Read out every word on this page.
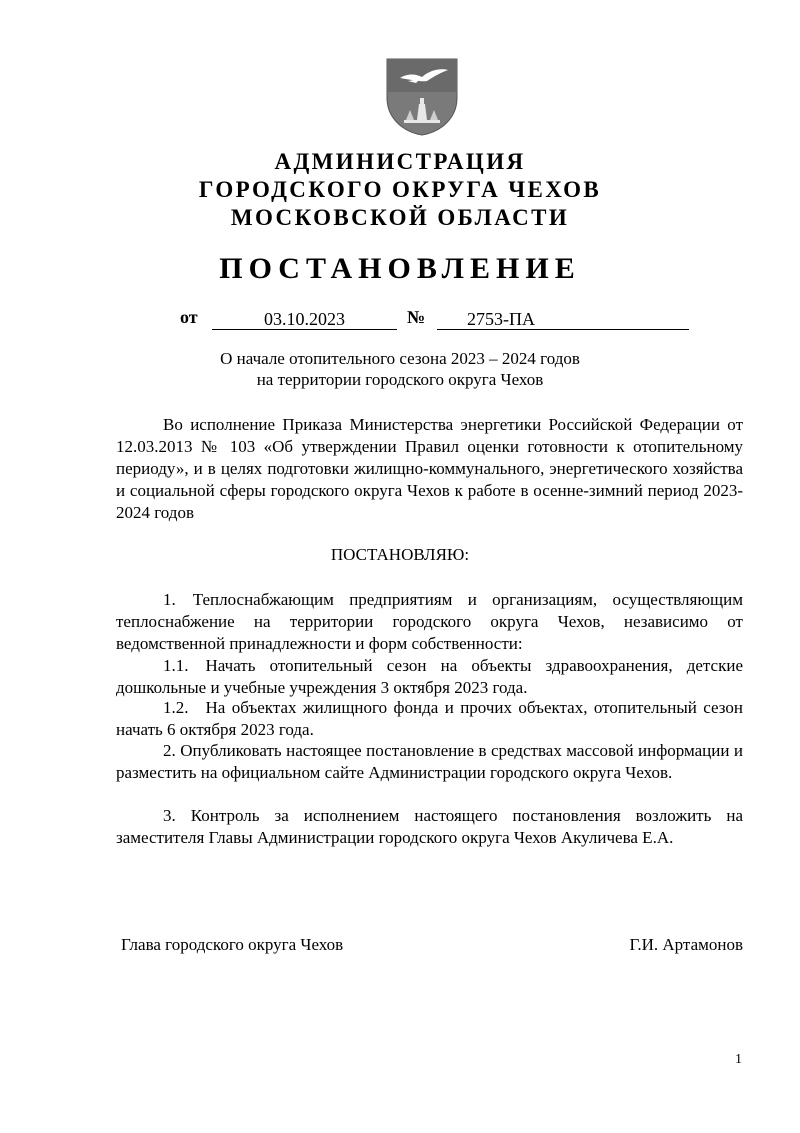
АДМИНИСТРАЦИЯ
ГОРОДСКОГО ОКРУГА ЧЕХОВ
МОСКОВСКОЙ ОБЛАСТИ
ПОСТАНОВЛЕНИЕ
от	03.10.2023	№	2753-ПА
О начале отопительного сезона 2023 – 2024 годов
на территории городского округа Чехов
Во исполнение Приказа Министерства энергетики Российской Федерации от 12.03.2013 № 103 «Об утверждении Правил оценки готовности к отопительному периоду», и в целях подготовки жилищно-коммунального, энергетического хозяйства и социальной сферы городского округа Чехов к работе в осенне-зимний период 2023-2024 годов
ПОСТАНОВЛЯЮ:
1. Теплоснабжающим предприятиям и организациям, осуществляющим теплоснабжение на территории городского округа Чехов, независимо от ведомственной принадлежности и форм собственности:
1.1. Начать отопительный сезон на объекты здравоохранения, детские дошкольные и учебные учреждения 3 октября 2023 года.
1.2. На объектах жилищного фонда и прочих объектах, отопительный сезон начать 6 октября 2023 года.
2. Опубликовать настоящее постановление в средствах массовой информации и разместить на официальном сайте Администрации городского округа Чехов.
3. Контроль за исполнением настоящего постановления возложить на заместителя Главы Администрации городского округа Чехов Акуличева Е.А.
Глава городского округа Чехов	Г.И. Артамонов
1
